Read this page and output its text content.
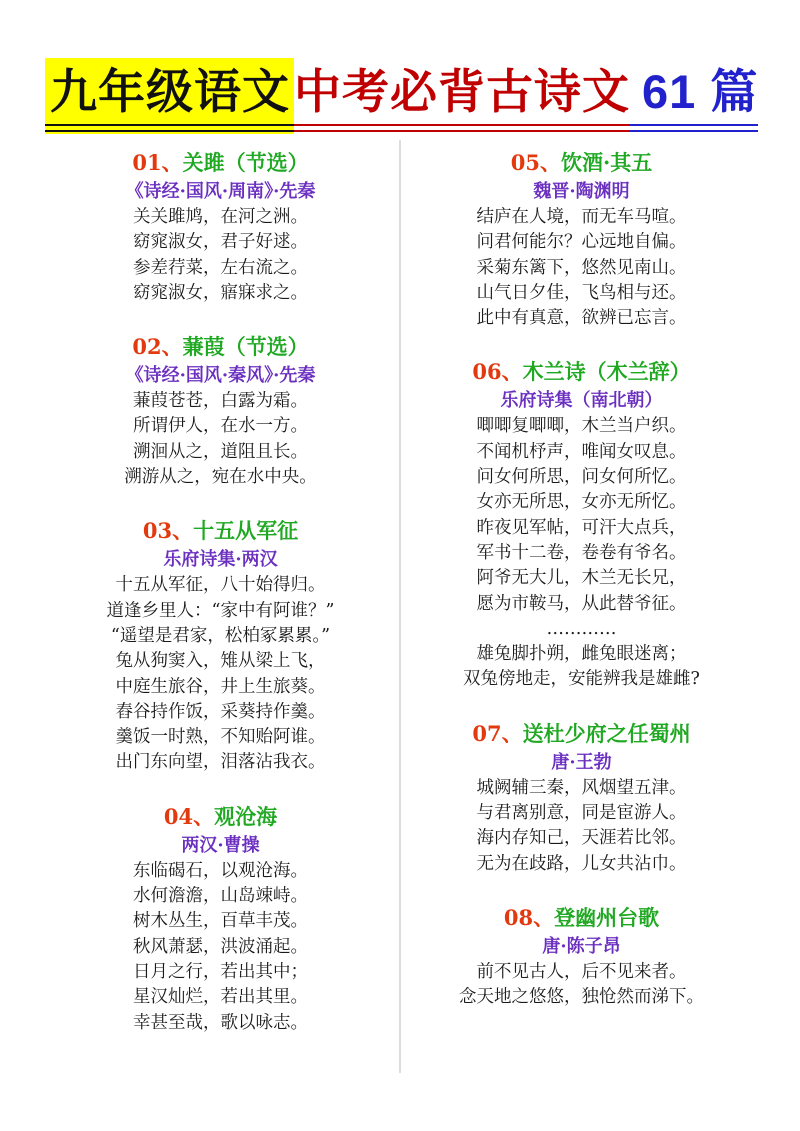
九年级语文 中考必背古诗文 61 篇
01、关雎（节选）
《诗经·国风·周南》·先秦
关关雎鸠，在河之洲。
窈窕淑女，君子好逑。
参差荇菜，左右流之。
窈窕淑女，寤寐求之。
02、蒹葭（节选）
《诗经·国风·秦风》·先秦
蒹葭苍苍，白露为霜。
所谓伊人，在水一方。
溯洄从之，道阻且长。
溯游从之，宛在水中央。
03、十五从军征
乐府诗集·两汉
十五从军征，八十始得归。
道逢乡里人：“家中有阿谁？”
“遥望是君家，松柏冢累累。”
兔从狗窦入，雉从梁上飞，
中庭生旅谷，井上生旅葵。
舂谷持作饭，采葵持作羹。
羹饭一时熟，不知贻阿谁。
出门东向望，泪落沾我衣。
04、观沧海
两汉·曹操
东临碣石，以观沧海。
水何澹澹，山岛竦峙。
树木丛生，百草丰茂。
秋风萧瑟，洪波涌起。
日月之行，若出其中；
星汉灿烂，若出其里。
幸甚至哉，歌以咏志。
05、饮酒·其五
魏晋·陶渊明
结庐在人境，而无车马喧。
问君何能尔？心远地自偏。
采菊东篱下，悠然见南山。
山气日夕佳，飞鸟相与还。
此中有真意，欲辨已忘言。
06、木兰诗（木兰辞）
乐府诗集（南北朝）
唧唧复唧唧，木兰当户织。
不闻机杼声，唯闻女叹息。
问女何所思，问女何所忆。
女亦无所思，女亦无所忆。
昨夜见军帖，可汗大点兵，
军书十二卷，卷卷有爷名。
阿爷无大儿，木兰无长兄，
愿为市鞍马，从此替爷征。
…………
雄兔脚扑朔，雌兔眼迷离；
双兔傍地走，安能辨我是雄雌?
07、送杜少府之任蜀州
唐·王勃
城阙辅三秦，风烟望五津。
与君离别意，同是宦游人。
海内存知己，天涯若比邻。
无为在歧路，儿女共沾巾。
08、登幽州台歌
唐·陈子昂
前不见古人，后不见来者。
念天地之悠悠，独怆然而涕下。
